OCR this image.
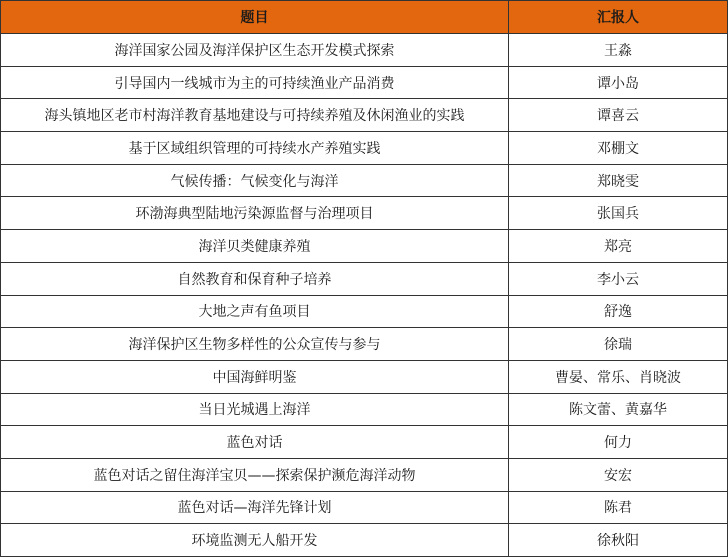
题目	汇报人
海洋国家公园及海洋保护区生态开发模式探索	王淼
引导国内一线城市为主的可持续渔业产品消费	谭小岛
海头镇地区老市村海洋教育基地建设与可持续养殖及休闲渔业的实践	谭喜云
基于区域组织管理的可持续水产养殖实践	邓棚文
气候传播：气候变化与海洋	郑晓雯
环渤海典型陆地污染源监督与治理项目	张国兵
海洋贝类健康养殖	郑亮
自然教育和保育种子培养	李小云
大地之声有鱼项目	舒逸
海洋保护区生物多样性的公众宣传与参与	徐瑞
中国海鲜明鉴	曹晏、常乐、肖晓波
当日光城遇上海洋	陈文蕾、黄嘉华
蓝色对话	何力
蓝色对话之留住海洋宝贝——探索保护濒危海洋动物	安宏
蓝色对话—海洋先锋计划	陈君
环境监测无人船开发	徐秋阳
